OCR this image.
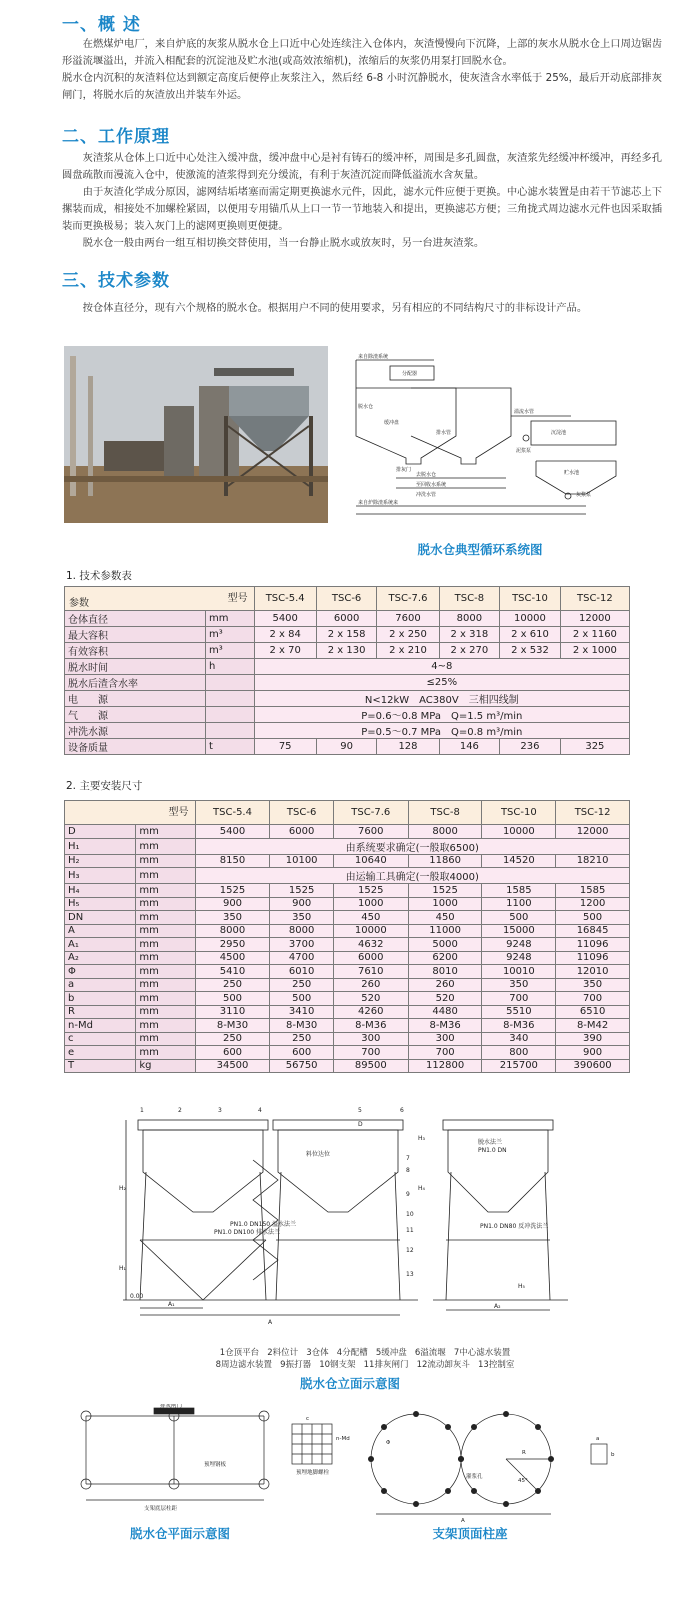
一、概 述

在燃煤炉电厂，来自炉底的灰浆从脱水仓上口近中心处连续注入仓体内，灰渣慢慢向下沉降，上部的灰水从脱水仓上口周边锯齿形溢流堰溢出，并流入相配套的沉淀池及贮水池(或高效浓缩机)，浓缩后的灰浆仍用泵打回脱水仓。

脱水仓内沉积的灰渣料位达到额定高度后便停止灰浆注入，然后经 6-8 小时沉静脱水，使灰渣含水率低于 25%，最后开动底部排灰闸门，将脱水后的灰渣放出并装车外运。

二、工作原理

灰渣浆从仓体上口近中心处注入缓冲盘，缓冲盘中心是衬有铸石的缓冲杯，周围是多孔圆盘，灰渣浆先经缓冲杯缓冲，再经多孔圆盘疏散而漫流入仓中，使激流的渣浆得到充分缓流，有利于灰渣沉淀而降低溢流水含灰量。

由于灰渣化学成分原因，滤网结垢堵塞而需定期更换滤水元件，因此，滤水元件应便于更换。中心滤水装置是由若干节滤芯上下摞装而成，相接处不加螺栓紧固，以便用专用锚爪从上口一节一节地装入和提出，更换滤芯方便；三角拢式周边滤水元件也因采取插装而更换极易；装入灰门上的滤网更换则更便捷。

脱水仓一般由两台一组互相切换交替使用，当一台静止脱水或放灰时，另一台进灰渣浆。

三、技术参数

按仓体直径分，现有六个规格的脱水仓。根据用户不同的使用要求，另有相应的不同结构尺寸的非标设计产品。

来自除渣系统
分配器
脱水仓
缓冲盘
溢流水管
排水管	沉淀池
贮水池
泥浆泵
灰浆泵
去脱水仓
至回收水系统
冲洗水管
来自炉除渣系统来
排灰门
脱水仓典型循环系统图
1. 技术参数表
型号
参数		TSC-5.4	TSC-6	TSC-7.6	TSC-8	TSC-10	TSC-12
仓体直径	mm	5400	6000	7600	8000	10000	12000
最大容积	m³	2 x 84	2 x 158	2 x 250	2 x 318	2 x 610	2 x 1160
有效容积	m³	2 x 70	2 x 130	2 x 210	2 x 270	2 x 532	2 x 1000
脱水时间	h	4~8					
脱水后渣含水率		≤25%					
电　　源		N<12kW　AC380V　三相四线制					
气　　源		P=0.6～0.8 MPa　Q=1.5 m³/min					
冲洗水源		P=0.5～0.7 MPa　Q=0.8 m³/min					
设备质量	t	75	90	128	146	236	325
2. 主要安装尺寸
型号		TSC-5.4	TSC-6	TSC-7.6	TSC-8	TSC-10	TSC-12
D	mm	5400	6000	7600	8000	10000	12000
H₁	mm	由系统要求确定(一般取6500)					
H₂	mm	8150	10100	10640	11860	14520	18210
H₃	mm	由运输工具确定(一般取4000)					
H₄	mm	1525	1525	1525	1525	1585	1585
H₅	mm	900	900	1000	1000	1100	1200
DN	mm	350	350	450	450	500	500
A	mm	8000	8000	10000	11000	15000	16845
A₁	mm	2950	3700	4632	5000	9248	11096
A₂	mm	4500	4700	6000	6200	9248	11096
Φ	mm	5410	6010	7610	8010	10010	12010
a	mm	250	250	260	260	350	350
b	mm	500	500	520	520	700	700
R	mm	3110	3410	4260	4480	5510	6510
n-Md	mm	8-M30	8-M30	8-M36	8-M36	8-M36	8-M42
c	mm	250	250	300	300	340	390
e	mm	600	600	700	700	800	900
T	kg	34500	56750	89500	112800	215700	390600
料位达位
PN1.0 DN150 溢水法兰
PN1.0 DN100 排水法兰
PN1.0 DN80 反冲洗法兰
脱水法兰
PN1.0 DN
0.00
1	2	3	4	5	6
7
8
9
10
11
12
13
D
H₁
H₂
H₃
H₄
H₅
A
A₁	A₂
1仓顶平台 2料位计 3仓体 4分配槽 5缓冲盘 6溢流堰 7中心滤水装置
8周边滤水装置 9振打器 10钢支架 11排灰闸门 12流动卸灰斗 13控制室
脱水仓立面示意图
排灰闸门
预埋钢板
支架底层柱距
脱水仓平面示意图
n-Md
预埋地脚螺栓
灌浆孔
45°
Φ
A
a
b
c
R
支架顶面柱座
